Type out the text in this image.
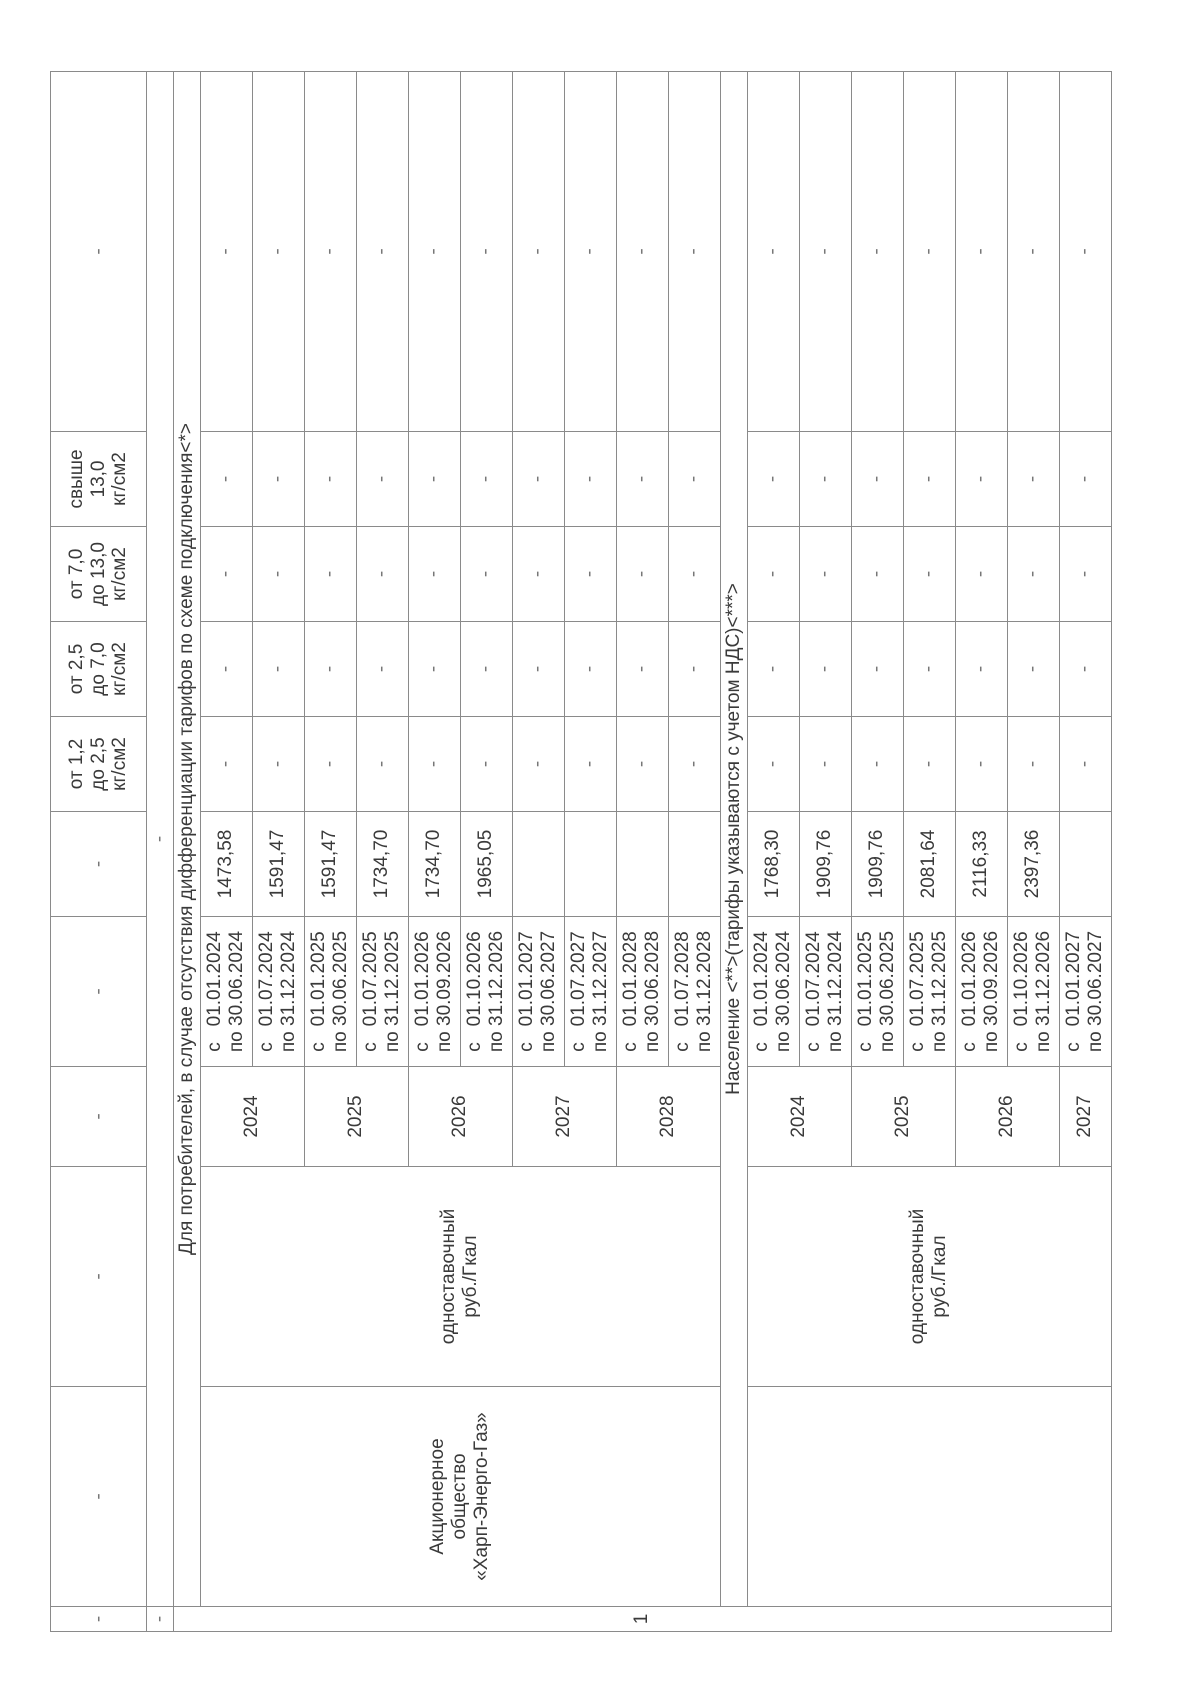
-	-	-	-	-	-	от 1,2
до 2,5
кг/см2	от 2,5
до 7,0
кг/см2	от 7,0
до 13,0
кг/см2	свыше
13,0
кг/см2	-
-	-									
1	Для потребителей, в случае отсутствия дифференциации тарифов по схеме подключения<*>									
	Акционерное
общество
«Харп-Энерго-Газ»	одноставочный
руб./Гкал	2024	с   01.01.2024
по 30.06.2024	1473,58	-	-	-	-	-
				с   01.07.2024
по 31.12.2024	1591,47	-	-	-	-	-
			2025	с   01.01.2025
по 30.06.2025	1591,47	-	-	-	-	-
				с   01.07.2025
по 31.12.2025	1734,70	-	-	-	-	-
			2026	с   01.01.2026
по 30.09.2026	1734,70	-	-	-	-	-
				с   01.10.2026
по 31.12.2026	1965,05	-	-	-	-	-
			2027	с   01.01.2027
по 30.06.2027		-	-	-	-	-
				с   01.07.2027
по 31.12.2027		-	-	-	-	-
			2028	с   01.01.2028
по 30.06.2028		-	-	-	-	-
				с   01.07.2028
по 31.12.2028		-	-	-	-	-
	Население <**>(тарифы указываются с учетом НДС)<***>									
		одноставочный
руб./Гкал	2024	с   01.01.2024
по 30.06.2024	1768,30	-	-	-	-	-
				с   01.07.2024
по 31.12.2024	1909,76	-	-	-	-	-
			2025	с   01.01.2025
по 30.06.2025	1909,76	-	-	-	-	-
				с   01.07.2025
по 31.12.2025	2081,64	-	-	-	-	-
			2026	с   01.01.2026
по 30.09.2026	2116,33	-	-	-	-	-
				с   01.10.2026
по 31.12.2026	2397,36	-	-	-	-	-
			2027	с   01.01.2027
по 30.06.2027		-	-	-	-	-
